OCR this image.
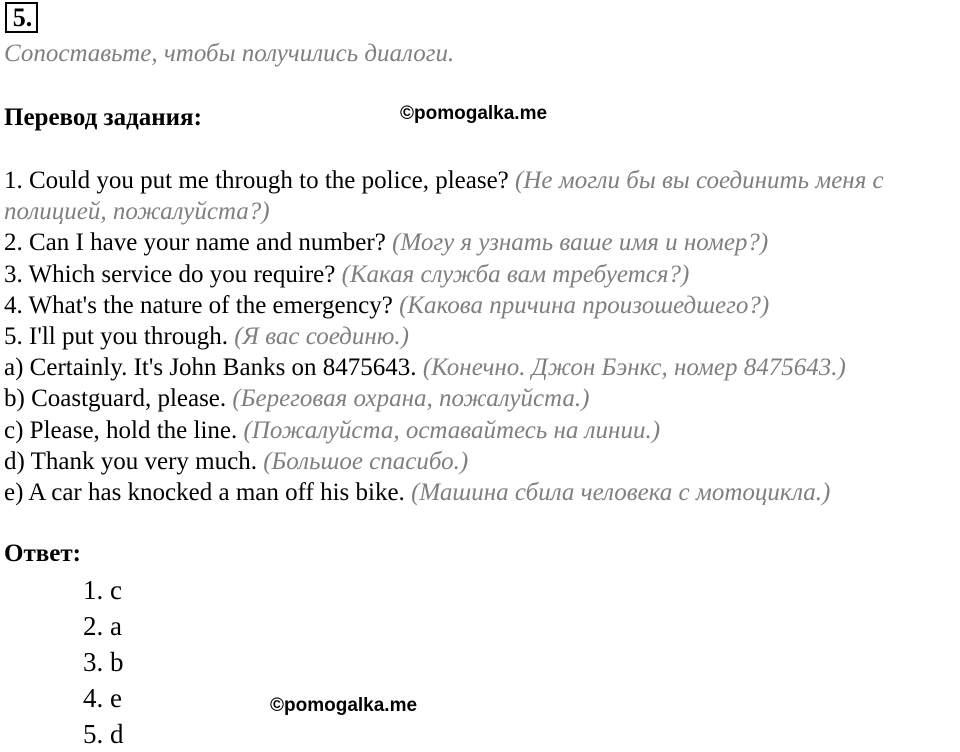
5.
Сопоставьте, чтобы получились диалоги.
Перевод задания:	©pomogalka.me
1. Could you put me through to the police, please? (Не могли бы вы соединить меня с полицией, пожалуйста?)
2. Can I have your name and number? (Могу я узнать ваше имя и номер?)
3. Which service do you require? (Какая служба вам требуется?)
4. What's the nature of the emergency? (Какова причина произошедшего?)
5. I'll put you through. (Я вас соединю.)
a) Certainly. It's John Banks on 8475643. (Конечно. Джон Бэнкс, номер 8475643.)
b) Coastguard, please. (Береговая охрана, пожалуйста.)
c) Please, hold the line. (Пожалуйста, оставайтесь на линии.)
d) Thank you very much. (Большое спасибо.)
e) A car has knocked a man off his bike. (Машина сбила человека с мотоцикла.)
Ответ:
1. c
2. a
3. b
4. e
5. d
©pomogalka.me
